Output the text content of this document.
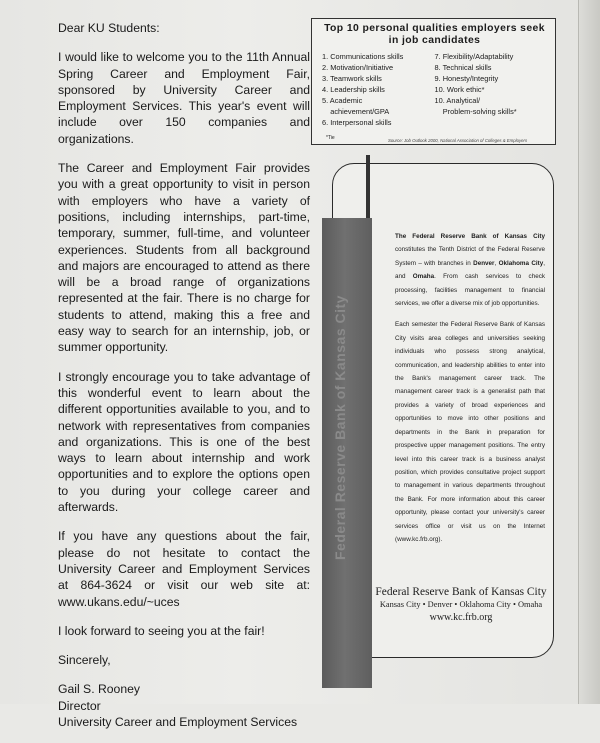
Dear KU Students:

I would like to welcome you to the 11th Annual Spring Career and Employment Fair, sponsored by University Career and Employment Services. This year's event will include over 150 companies and organizations.

The Career and Employment Fair provides you with a great opportunity to visit in person with employers who have a variety of positions, including internships, part-time, temporary, summer, full-time, and volunteer experiences. Students from all background and majors are encouraged to attend as there will be a broad range of organizations represented at the fair. There is no charge for students to attend, making this a free and easy way to search for an internship, job, or summer opportunity.

I strongly encourage you to take advantage of this wonderful event to learn about the different opportunities available to you, and to network with representatives from companies and organizations. This is one of the best ways to learn about internship and work opportunities and to explore the options open to you during your college career and afterwards.

If you have any questions about the fair, please do not hesitate to contact the University Career and Employment Services at 864-3624 or visit our web site at: www.ukans.edu/~uces

I look forward to seeing you at the fair!

Sincerely,

Gail S. Rooney
Director
University Career and Employment Services

Top 10 personal qualities employers seek in job candidates
1. Communications skills
2. Motivation/Initiative
3. Teamwork skills
4. Leadership skills
5. Academic
achievement/GPA
6. Interpersonal skills
7. Flexibility/Adaptability
8. Technical skills
9. Honesty/Integrity
10. Work ethic*
10. Analytical/
Problem-solving skills*
*Tie	Source: Job Outlook 2000, National Association of Colleges & Employers
Federal Reserve Bank of Kansas City

The Federal Reserve Bank of Kansas City constitutes the Tenth District of the Federal Reserve System – with branches in Denver, Oklahoma City, and Omaha. From cash services to check processing, facilities management to financial services, we offer a diverse mix of job opportunities.

Each semester the Federal Reserve Bank of Kansas City visits area colleges and universities seeking individuals who possess strong analytical, communication, and leadership abilities to enter into the Bank's management career track. The management career track is a generalist path that provides a variety of broad experiences and opportunities to move into other positions and departments in the Bank in preparation for prospective upper management positions. The entry level into this career track is a business analyst position, which provides consultative project support to management in various departments throughout the Bank. For more information about this career opportunity, please contact your university's career services office or visit us on the Internet (www.kc.frb.org).

Federal Reserve Bank of Kansas City
Kansas City • Denver • Oklahoma City • Omaha
www.kc.frb.org
